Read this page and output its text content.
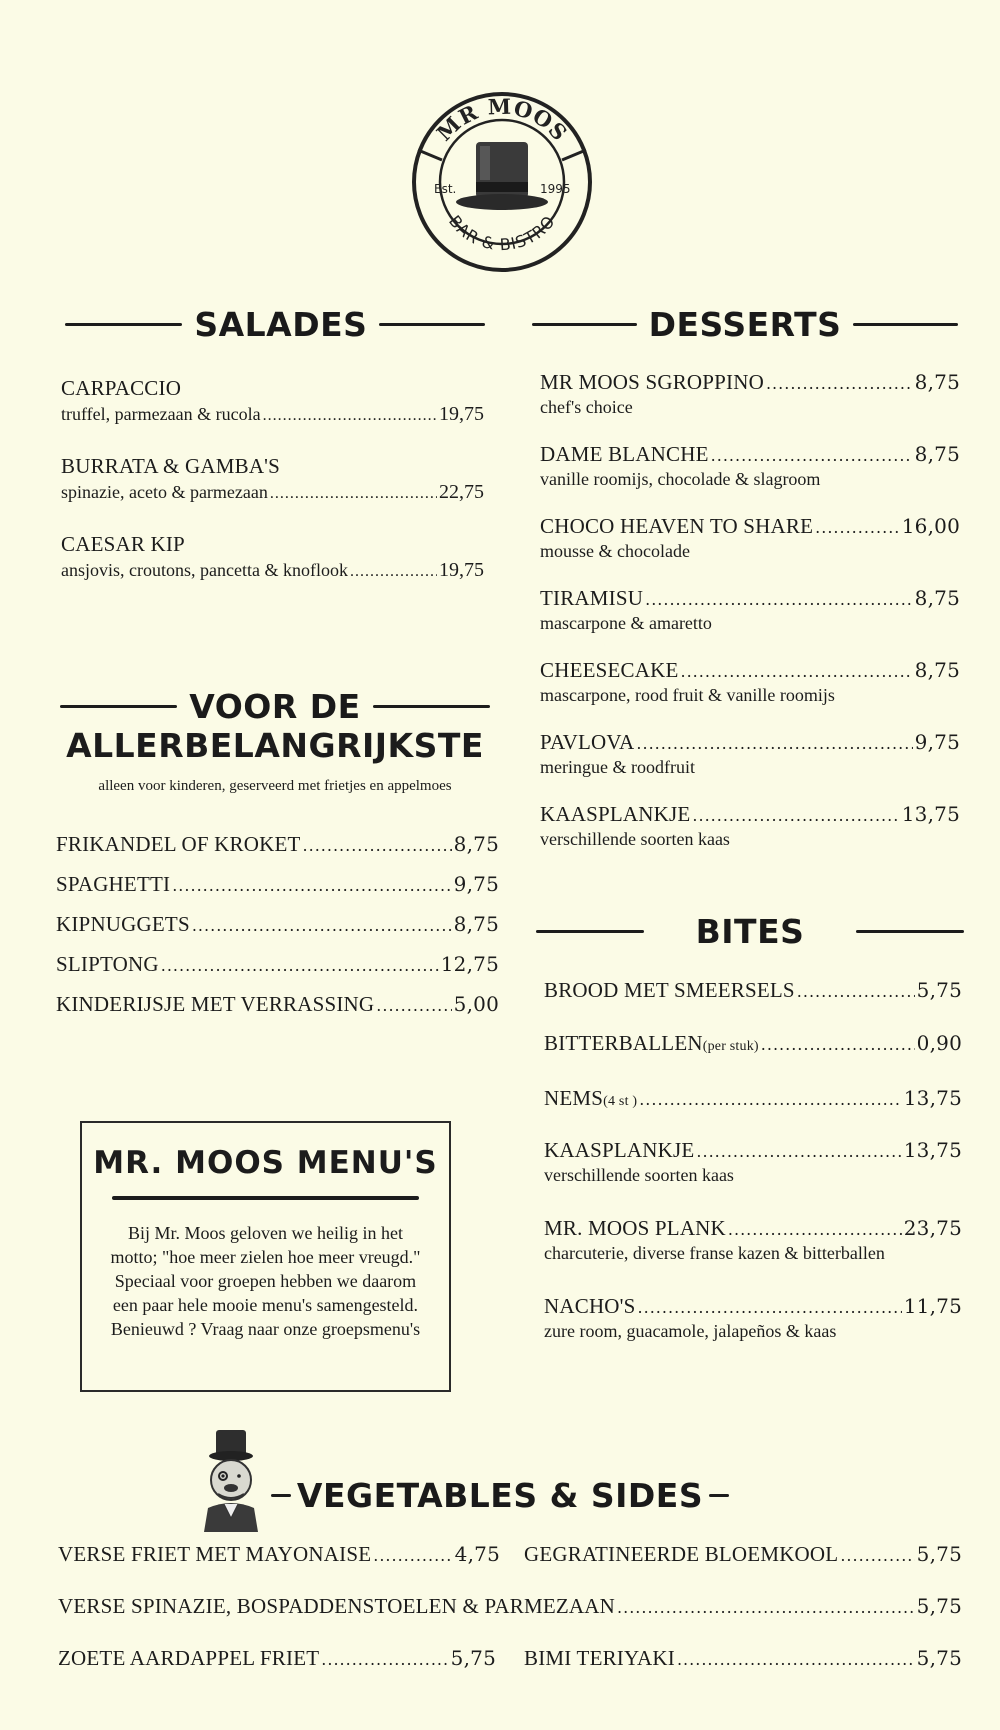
Est.	1995
MR MOOS
BAR & BISTRO
SALADES
CARPACCIO
truffel, parmezaan & rucola .....	19,75
BURRATA & GAMBA'S
spinazie, aceto & parmezaan .....	22,75
CAESAR KIP
ansjovis, croutons, pancetta & knoflook .....	19,75
VOOR DE
ALLERBELANGRIJKSTE
alleen voor kinderen, geserveerd met frietjes en appelmoes
FRIKANDEL OF KROKET .....	8,75
SPAGHETTI .....	9,75
KIPNUGGETS .....	8,75
SLIPTONG .....	12,75
KINDERIJSJE MET VERRASSING .....	5,00
MR. MOOS MENU'S
Bij Mr. Moos geloven we heilig in het motto; "hoe meer zielen hoe meer vreugd." Speciaal voor groepen hebben we daarom een paar hele mooie menu's samengesteld. Benieuwd ? Vraag naar onze groepsmenu's
DESSERTS
MR MOOS SGROPPINO .....	8,75
chef's choice
DAME BLANCHE .....	8,75
vanille roomijs, chocolade & slagroom
CHOCO HEAVEN TO SHARE .....	16,00
mousse & chocolade
TIRAMISU .....	8,75
mascarpone & amaretto
CHEESECAKE .....	8,75
mascarpone, rood fruit & vanille roomijs
PAVLOVA .....	9,75
meringue & roodfruit
KAASPLANKJE .....	13,75
verschillende soorten kaas
BITES
BROOD MET SMEERSELS .....	5,75
BITTERBALLEN (per stuk) .....	0,90
NEMS (4 st ) .....	13,75
KAASPLANKJE .....	13,75
verschillende soorten kaas
MR. MOOS PLANK .....	23,75
charcuterie, diverse franse kazen & bitterballen
NACHO'S .....	11,75
zure room, guacamole, jalapeños & kaas
VEGETABLES & SIDES
VERSE FRIET MET MAYONAISE .....	4,75 GEGRATINEERDE BLOEMKOOL .....	5,75
VERSE SPINAZIE, BOSPADDENSTOELEN & PARMEZAAN .....	5,75
ZOETE AARDAPPEL FRIET .....	5,75 BIMI TERIYAKI .....	5,75
